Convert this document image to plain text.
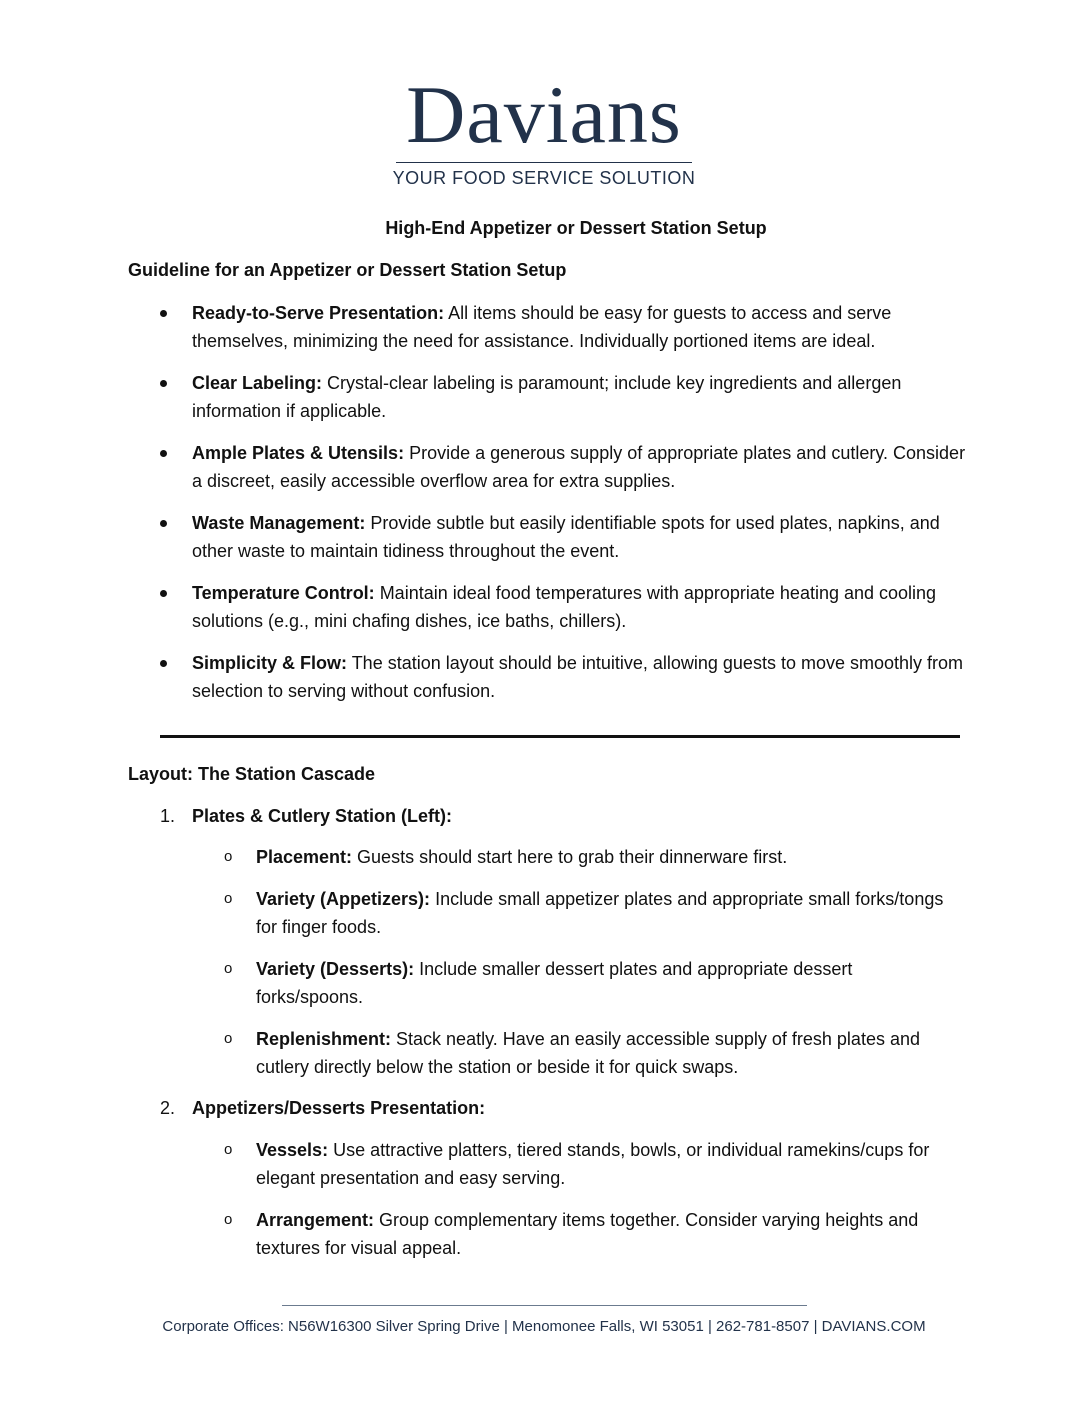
Davians
YOUR FOOD SERVICE SOLUTION
High-End Appetizer or Dessert Station Setup
Guideline for an Appetizer or Dessert Station Setup
Ready-to-Serve Presentation: All items should be easy for guests to access and serve themselves, minimizing the need for assistance. Individually portioned items are ideal.
Clear Labeling: Crystal-clear labeling is paramount; include key ingredients and allergen information if applicable.
Ample Plates & Utensils: Provide a generous supply of appropriate plates and cutlery. Consider a discreet, easily accessible overflow area for extra supplies.
Waste Management: Provide subtle but easily identifiable spots for used plates, napkins, and other waste to maintain tidiness throughout the event.
Temperature Control: Maintain ideal food temperatures with appropriate heating and cooling solutions (e.g., mini chafing dishes, ice baths, chillers).
Simplicity & Flow: The station layout should be intuitive, allowing guests to move smoothly from selection to serving without confusion.
Layout: The Station Cascade
1. Plates & Cutlery Station (Left):
o Placement: Guests should start here to grab their dinnerware first.
o Variety (Appetizers): Include small appetizer plates and appropriate small forks/tongs for finger foods.
o Variety (Desserts): Include smaller dessert plates and appropriate dessert forks/spoons.
o Replenishment: Stack neatly. Have an easily accessible supply of fresh plates and cutlery directly below the station or beside it for quick swaps.
2. Appetizers/Desserts Presentation:
o Vessels: Use attractive platters, tiered stands, bowls, or individual ramekins/cups for elegant presentation and easy serving.
o Arrangement: Group complementary items together. Consider varying heights and textures for visual appeal.
Corporate Offices: N56W16300 Silver Spring Drive | Menomonee Falls, WI 53051 | 262-781-8507 | DAVIANS.COM
